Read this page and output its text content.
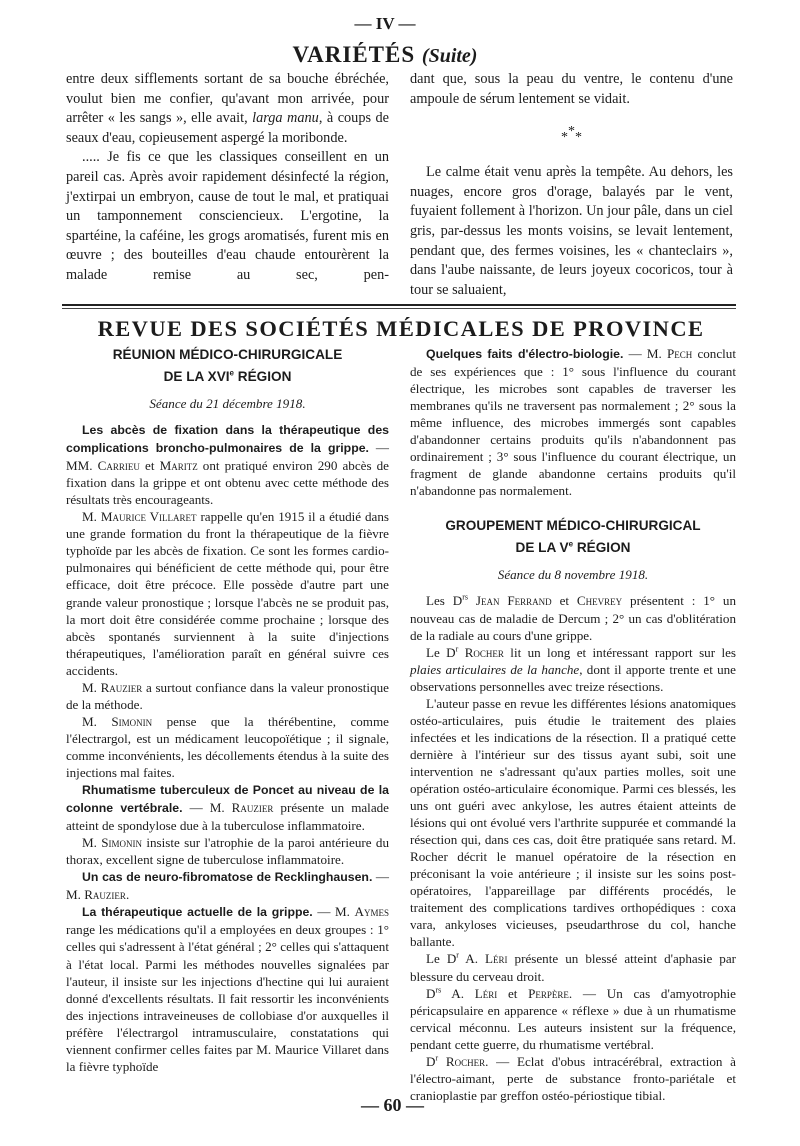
— IV —
VARIÉTÉS (Suite)

entre deux sifflements sortant de sa bouche ébréchée, voulut bien me confier, qu'avant mon arrivée, pour arrêter « les sangs », elle avait, larga manu, à coups de seaux d'eau, copieusement aspergé la moribonde.

..... Je fis ce que les classiques conseillent en un pareil cas. Après avoir rapidement désinfecté la région, j'extirpai un embryon, cause de tout le mal, et pratiquai un tamponnement consciencieux. L'ergotine, la spartéine, la caféine, les grogs aromatisés, furent mis en œuvre ; des bouteilles d'eau chaude entourèrent la malade remise au sec, pen-

dant que, sous la peau du ventre, le contenu d'une ampoule de sérum lentement se vidait.

***

Le calme était venu après la tempête. Au dehors, les nuages, encore gros d'orage, balayés par le vent, fuyaient follement à l'horizon. Un jour pâle, dans un ciel gris, par-dessus les monts voisins, se levait lentement, pendant que, des fermes voisines, les « chanteclairs », dans l'aube naissante, de leurs joyeux cocoricos, tour à tour se saluaient,

REVUE DES SOCIÉTÉS MÉDICALES DE PROVINCE
RÉUNION MÉDICO-CHIRURGICALE
DE LA XVIe RÉGION
Séance du 21 décembre 1918.

Les abcès de fixation dans la thérapeutique des complications broncho-pulmonaires de la grippe. — MM. Carrieu et Maritz ont pratiqué environ 290 abcès de fixation dans la grippe et ont obtenu avec cette méthode des résultats très encourageants.

M. Maurice Villaret rappelle qu'en 1915 il a étudié dans une grande formation du front la thérapeutique de la fièvre typhoïde par les abcès de fixation. Ce sont les formes cardio-pulmonaires qui bénéficient de cette méthode qui, pour être efficace, doit être précoce. Elle possède d'autre part une grande valeur pronostique ; lorsque l'abcès ne se produit pas, la mort doit être considérée comme prochaine ; lorsque des abcès spontanés surviennent à la suite d'injections thérapeutiques, l'amélioration paraît en général suivre ces accidents.

M. Rauzier a surtout confiance dans la valeur pronostique de la méthode.

M. Simonin pense que la thérébentine, comme l'électrargol, est un médicament leucopoïétique ; il signale, comme inconvénients, les décollements étendus à la suite des injections mal faites.

Rhumatisme tuberculeux de Poncet au niveau de la colonne vertébrale. — M. Rauzier présente un malade atteint de spondylose due à la tuberculose inflammatoire.

M. Simonin insiste sur l'atrophie de la paroi antérieure du thorax, excellent signe de tuberculose inflammatoire.

Un cas de neuro-fibromatose de Recklinghausen. — M. Rauzier.

La thérapeutique actuelle de la grippe. — M. Aymes range les médications qu'il a employées en deux groupes : 1° celles qui s'adressent à l'état général ; 2° celles qui s'attaquent à l'état local. Parmi les méthodes nouvelles signalées par l'auteur, il insiste sur les injections d'hectine qui lui auraient donné d'excellents résultats. Il fait ressortir les inconvénients des injections intraveineuses de collobiase d'or auxquelles il préfère l'électrargol intramusculaire, constatations qui viennent confirmer celles faites par M. Maurice Villaret dans la fièvre typhoïde

Quelques faits d'électro-biologie. — M. Pech conclut de ses expériences que : 1° sous l'influence du courant électrique, les microbes sont capables de traverser les membranes qu'ils ne traversent pas normalement ; 2° sous la même influence, des microbes immergés sont capables d'abandonner certains produits qu'ils n'abandonnent pas ordinairement ; 3° sous l'influence du courant électrique, un fragment de glande abandonne certains produits qu'il n'abandonne pas normalement.

GROUPEMENT MÉDICO-CHIRURGICAL
DE LA Ve RÉGION
Séance du 8 novembre 1918.

Les $D^{rs}$ Jean Ferrand et Chevrey présentent : 1° un nouveau cas de maladie de Dercum ; 2° un cas d'oblitération de la radiale au cours d'une grippe.

Le $D^r$ Rocher lit un long et intéressant rapport sur les plaies articulaires de la hanche, dont il apporte trente et une observations personnelles avec treize résections.

L'auteur passe en revue les différentes lésions anatomiques ostéo-articulaires, puis étudie le traitement des plaies infectées et les indications de la résection. Il a pratiqué cette dernière à l'intérieur sur des tissus ayant subi, soit une intervention ne s'adressant qu'aux parties molles, soit une opération ostéo-articulaire économique. Parmi ces blessés, les uns ont guéri avec ankylose, les autres étaient atteints de lésions qui ont évolué vers l'arthrite suppurée et commandé la résection qui, dans ces cas, doit être pratiquée sans retard. M. Rocher décrit le manuel opératoire de la résection en préconisant la voie antérieure ; il insiste sur les soins post-opératoires, l'appareillage par différents procédés, le traitement des complications tardives orthopédiques : coxa vara, ankyloses vicieuses, pseudarthrose du col, hanche ballante.

Le $D^r$ A. Léri présente un blessé atteint d'aphasie par blessure du cerveau droit.

$D^{rs}$ A. Léri et Perpère. — Un cas d'amyotrophie péricapsulaire en apparence « réflexe » due à un rhumatisme cervical méconnu. Les auteurs insistent sur la fréquence, pendant cette guerre, du rhumatisme vertébral.

$D^r$ Rocher. — Eclat d'obus intracérébral, extraction à l'électro-aimant, perte de substance fronto-pariétale et cranioplastie par greffon ostéo-périostique tibial.

— 60 —
